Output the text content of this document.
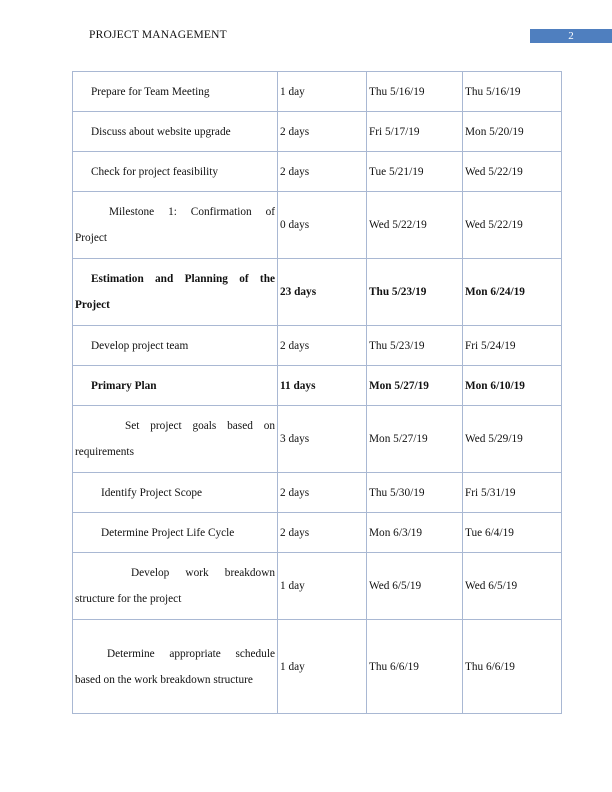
PROJECT MANAGEMENT	2
Prepare for Team Meeting	1 day	Thu 5/16/19	Thu 5/16/19
Discuss about website upgrade	2 days	Fri 5/17/19	Mon 5/20/19
Check for project feasibility	2 days	Tue 5/21/19	Wed 5/22/19
Milestone 1: Confirmation of Project	0 days	Wed 5/22/19	Wed 5/22/19
Estimation and Planning of the Project	23 days	Thu 5/23/19	Mon 6/24/19
Develop project team	2 days	Thu 5/23/19	Fri 5/24/19
Primary Plan	11 days	Mon 5/27/19	Mon 6/10/19
Set project goals based on requirements	3 days	Mon 5/27/19	Wed 5/29/19
Identify Project Scope	2 days	Thu 5/30/19	Fri 5/31/19
Determine Project Life Cycle	2 days	Mon 6/3/19	Tue 6/4/19
Develop work breakdown structure for the project	1 day	Wed 6/5/19	Wed 6/5/19
Determine appropriate schedule based on the work breakdown structure	1 day	Thu 6/6/19	Thu 6/6/19
